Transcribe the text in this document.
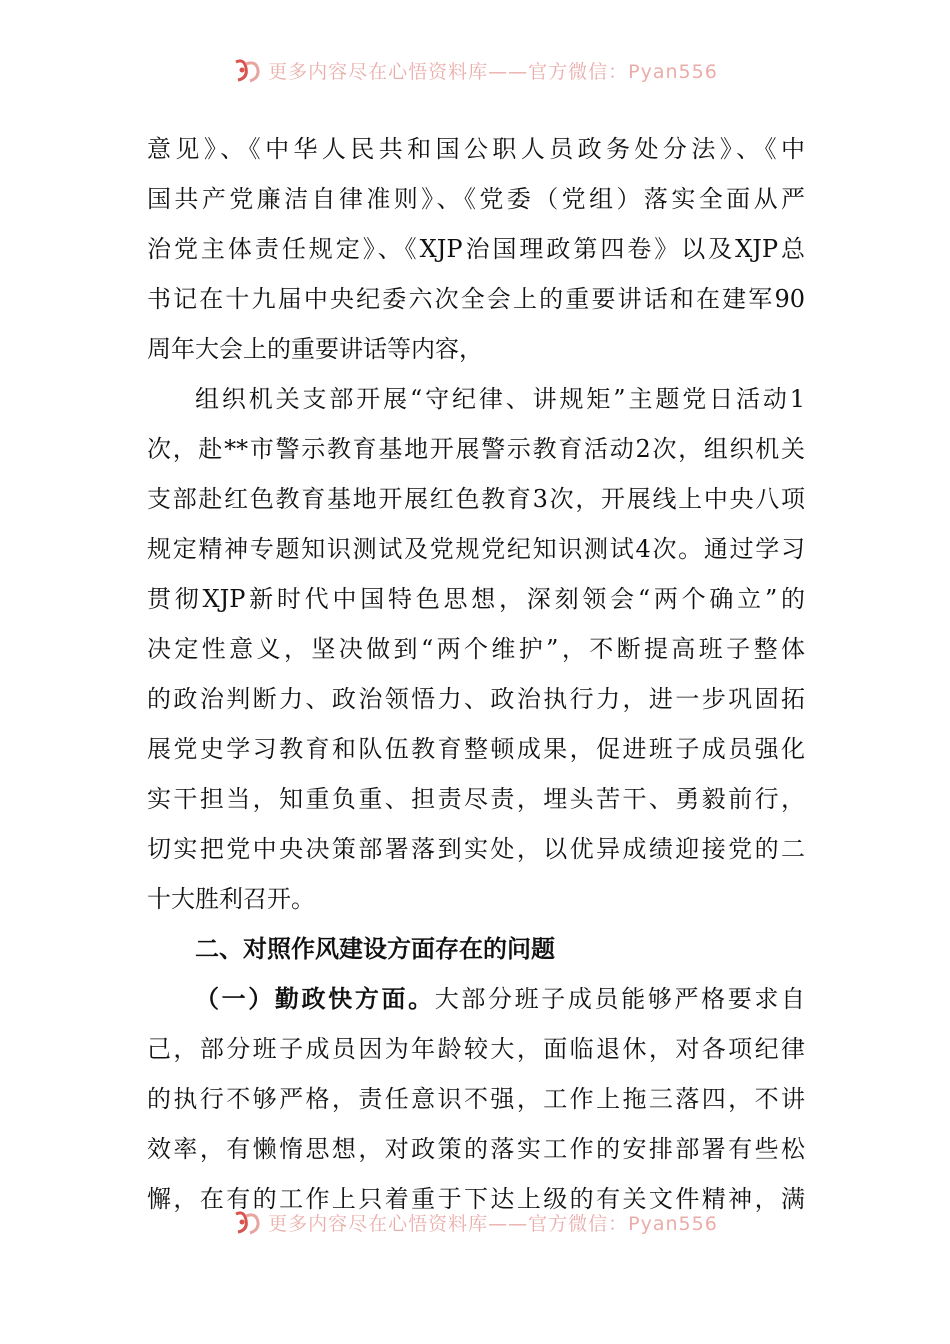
更多内容尽在心悟资料库——官方微信：Pyan556
意见》、《中华人民共和国公职人员政务处分法》、《中
国共产党廉洁自律准则》、《党委（党组）落实全面从严
治党主体责任规定》、《XJP治国理政第四卷》以及XJP总
书记在十九届中央纪委六次全会上的重要讲话和在建军90
周年大会上的重要讲话等内容，
组织机关支部开展“守纪律、讲规矩”主题党日活动1
次，赴**市警示教育基地开展警示教育活动2次，组织机关
支部赴红色教育基地开展红色教育3次，开展线上中央八项
规定精神专题知识测试及党规党纪知识测试4次。通过学习
贯彻XJP新时代中国特色思想，深刻领会“两个确立”的
决定性意义，坚决做到“两个维护”，不断提高班子整体
的政治判断力、政治领悟力、政治执行力，进一步巩固拓
展党史学习教育和队伍教育整顿成果，促进班子成员强化
实干担当，知重负重、担责尽责，埋头苦干、勇毅前行，
切实把党中央决策部署落到实处，以优异成绩迎接党的二
十大胜利召开。
二、对照作风建设方面存在的问题
（一）勤政快方面。大部分班子成员能够严格要求自
己，部分班子成员因为年龄较大，面临退休，对各项纪律
的执行不够严格，责任意识不强，工作上拖三落四，不讲
效率，有懒惰思想，对政策的落实工作的安排部署有些松
懈，在有的工作上只着重于下达上级的有关文件精神，满
更多内容尽在心悟资料库——官方微信：Pyan556
